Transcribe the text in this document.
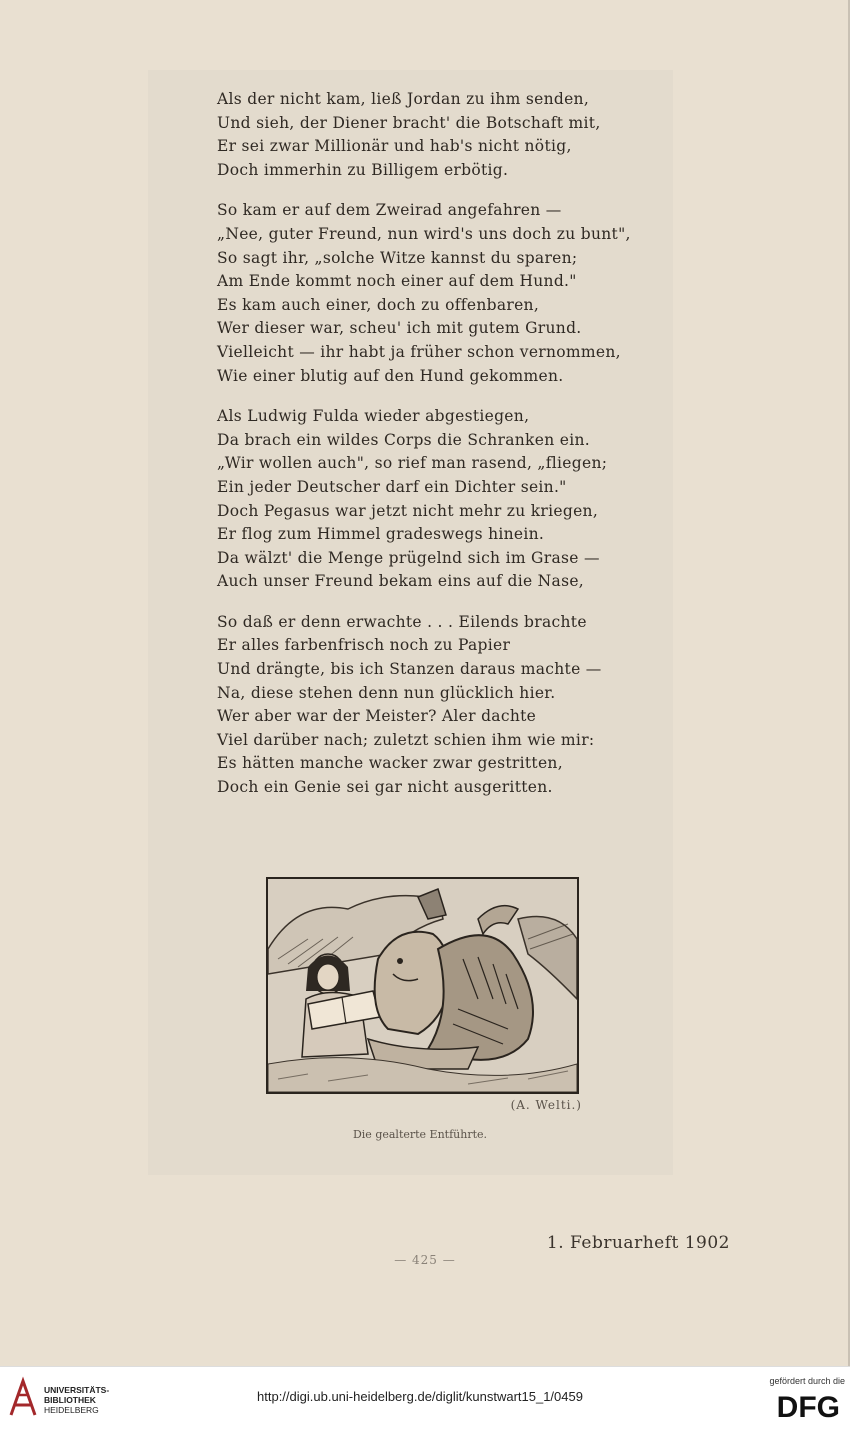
Als der nicht kam, ließ Jordan zu ihm senden,
Und sieh, der Diener bracht' die Botschaft mit,
Er sei zwar Millionär und hab's nicht nötig,
Doch immerhin zu Billigem erbötig.
So kam er auf dem Zweirad angefahren —
„Nee, guter Freund, nun wird's uns doch zu bunt",
So sagt ihr, „solche Witze kannst du sparen;
Am Ende kommt noch einer auf dem Hund."
Es kam auch einer, doch zu offenbaren,
Wer dieser war, scheu' ich mit gutem Grund.
Vielleicht — ihr habt ja früher schon vernommen,
Wie einer blutig auf den Hund gekommen.
Als Ludwig Fulda wieder abgestiegen,
Da brach ein wildes Corps die Schranken ein.
„Wir wollen auch", so rief man rasend, „fliegen;
Ein jeder Deutscher darf ein Dichter sein."
Doch Pegasus war jetzt nicht mehr zu kriegen,
Er flog zum Himmel gradeswegs hinein.
Da wälzt' die Menge prügelnd sich im Grase —
Auch unser Freund bekam eins auf die Nase,
So daß er denn erwachte . . . Eilends brachte
Er alles farbenfrisch noch zu Papier
Und drängte, bis ich Stanzen daraus machte —
Na, diese stehen denn nun glücklich hier.
Wer aber war der Meister? Aler dachte
Viel darüber nach; zuletzt schien ihm wie mir:
Es hätten manche wacker zwar gestritten,
Doch ein Genie sei gar nicht ausgeritten.
(A. Welti.)
Die gealterte Entführte.
1. Februarheft 1902
— 425 —
UNIVERSITÄTS-
BIBLIOTHEK
HEIDELBERG
http://digi.ub.uni-heidelberg.de/diglit/kunstwart15_1/0459
gefördert durch die
DFG
